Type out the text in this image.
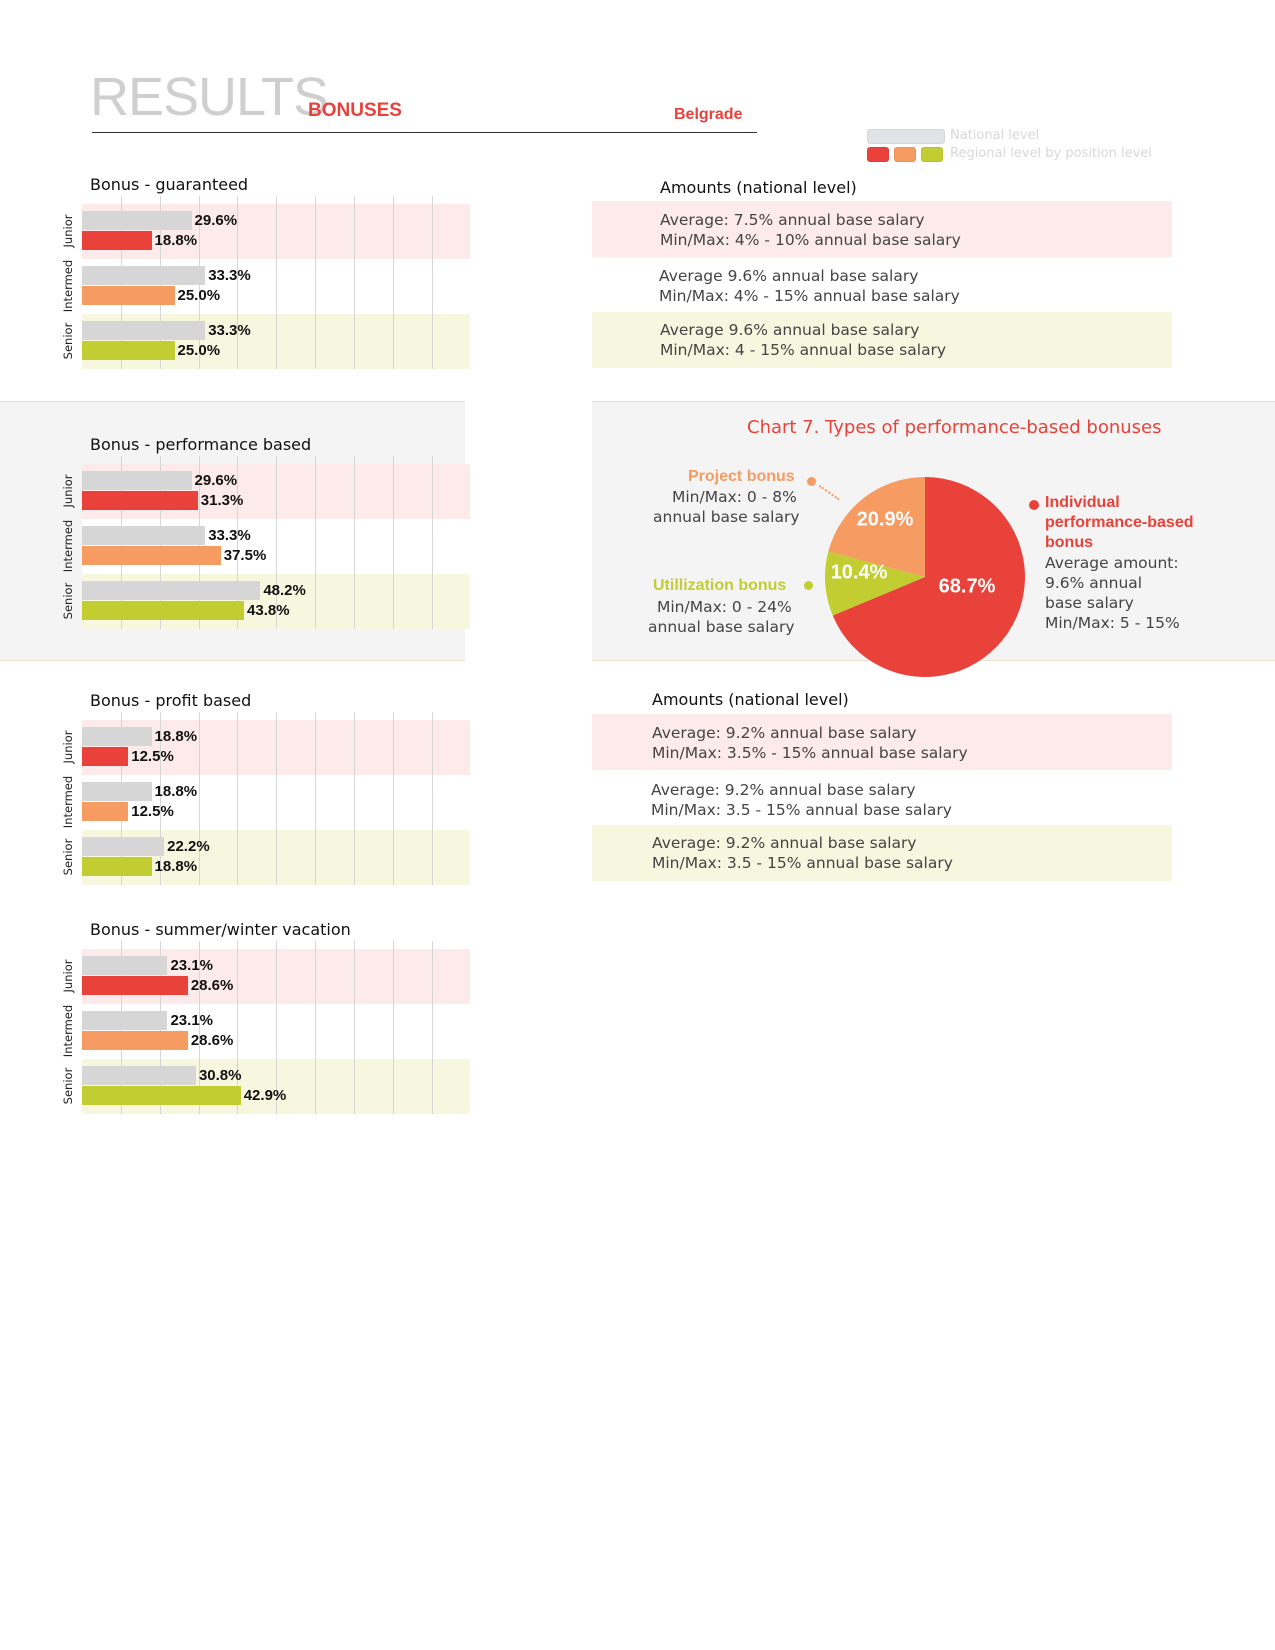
RESULTS
BONUSES	Belgrade
National level
Regional level by position level
Bonus - guaranteed
Junior	29.6%
18.8%
Intermed	33.3%
25.0%
Senior	33.3%
25.0%
Bonus - performance based
Junior	29.6%
31.3%
Intermed	33.3%
37.5%
Senior	48.2%
43.8%
Bonus - profit based
Junior	18.8%
12.5%
Intermed	18.8%
12.5%
Senior	22.2%
18.8%
Bonus - summer/winter vacation
Junior	23.1%
28.6%
Intermed	23.1%
28.6%
Senior	30.8%
42.9%
Amounts (national level)
Average: 7.5% annual base salary
Min/Max: 4% - 10% annual base salary
Average 9.6% annual base salary
Min/Max: 4% - 15% annual base salary
Average 9.6% annual base salary
Min/Max: 4 - 15% annual base salary
Chart 7. Types of performance-based bonuses
68.7%
10.4%
20.9%
Project bonus
Min/Max: 0 - 8%
annual base salary
Utillization bonus
Min/Max: 0 - 24%
annual base salary
Individual
performance-based
bonus
Average amount:
9.6% annual
base salary
Min/Max: 5 - 15%
Amounts (national level)
Average: 9.2% annual base salary
Min/Max: 3.5% - 15% annual base salary
Average: 9.2% annual base salary
Min/Max: 3.5 - 15% annual base salary
Average: 9.2% annual base salary
Min/Max: 3.5 - 15% annual base salary
